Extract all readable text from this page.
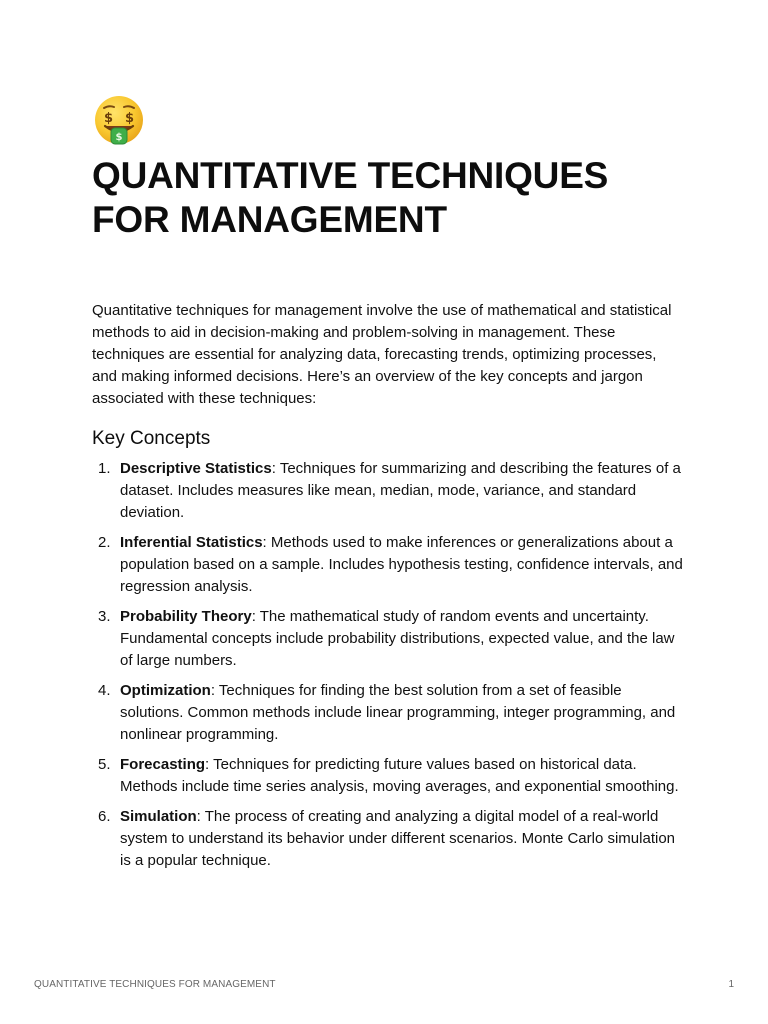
$ $
$
QUANTITATIVE TECHNIQUES
FOR MANAGEMENT

Quantitative techniques for management involve the use of mathematical and statistical methods to aid in decision-making and problem-solving in management. These techniques are essential for analyzing data, forecasting trends, optimizing processes, and making informed decisions. Here’s an overview of the key concepts and jargon associated with these techniques:

Key Concepts
1. Descriptive Statistics: Techniques for summarizing and describing the features of a dataset. Includes measures like mean, median, mode, variance, and standard deviation.
2. Inferential Statistics: Methods used to make inferences or generalizations about a population based on a sample. Includes hypothesis testing, confidence intervals, and regression analysis.
3. Probability Theory: The mathematical study of random events and uncertainty. Fundamental concepts include probability distributions, expected value, and the law of large numbers.
4. Optimization: Techniques for finding the best solution from a set of feasible solutions. Common methods include linear programming, integer programming, and nonlinear programming.
5. Forecasting: Techniques for predicting future values based on historical data. Methods include time series analysis, moving averages, and exponential smoothing.
6. Simulation: The process of creating and analyzing a digital model of a real-world system to understand its behavior under different scenarios. Monte Carlo simulation is a popular technique.
QUANTITATIVE TECHNIQUES FOR MANAGEMENT	1
